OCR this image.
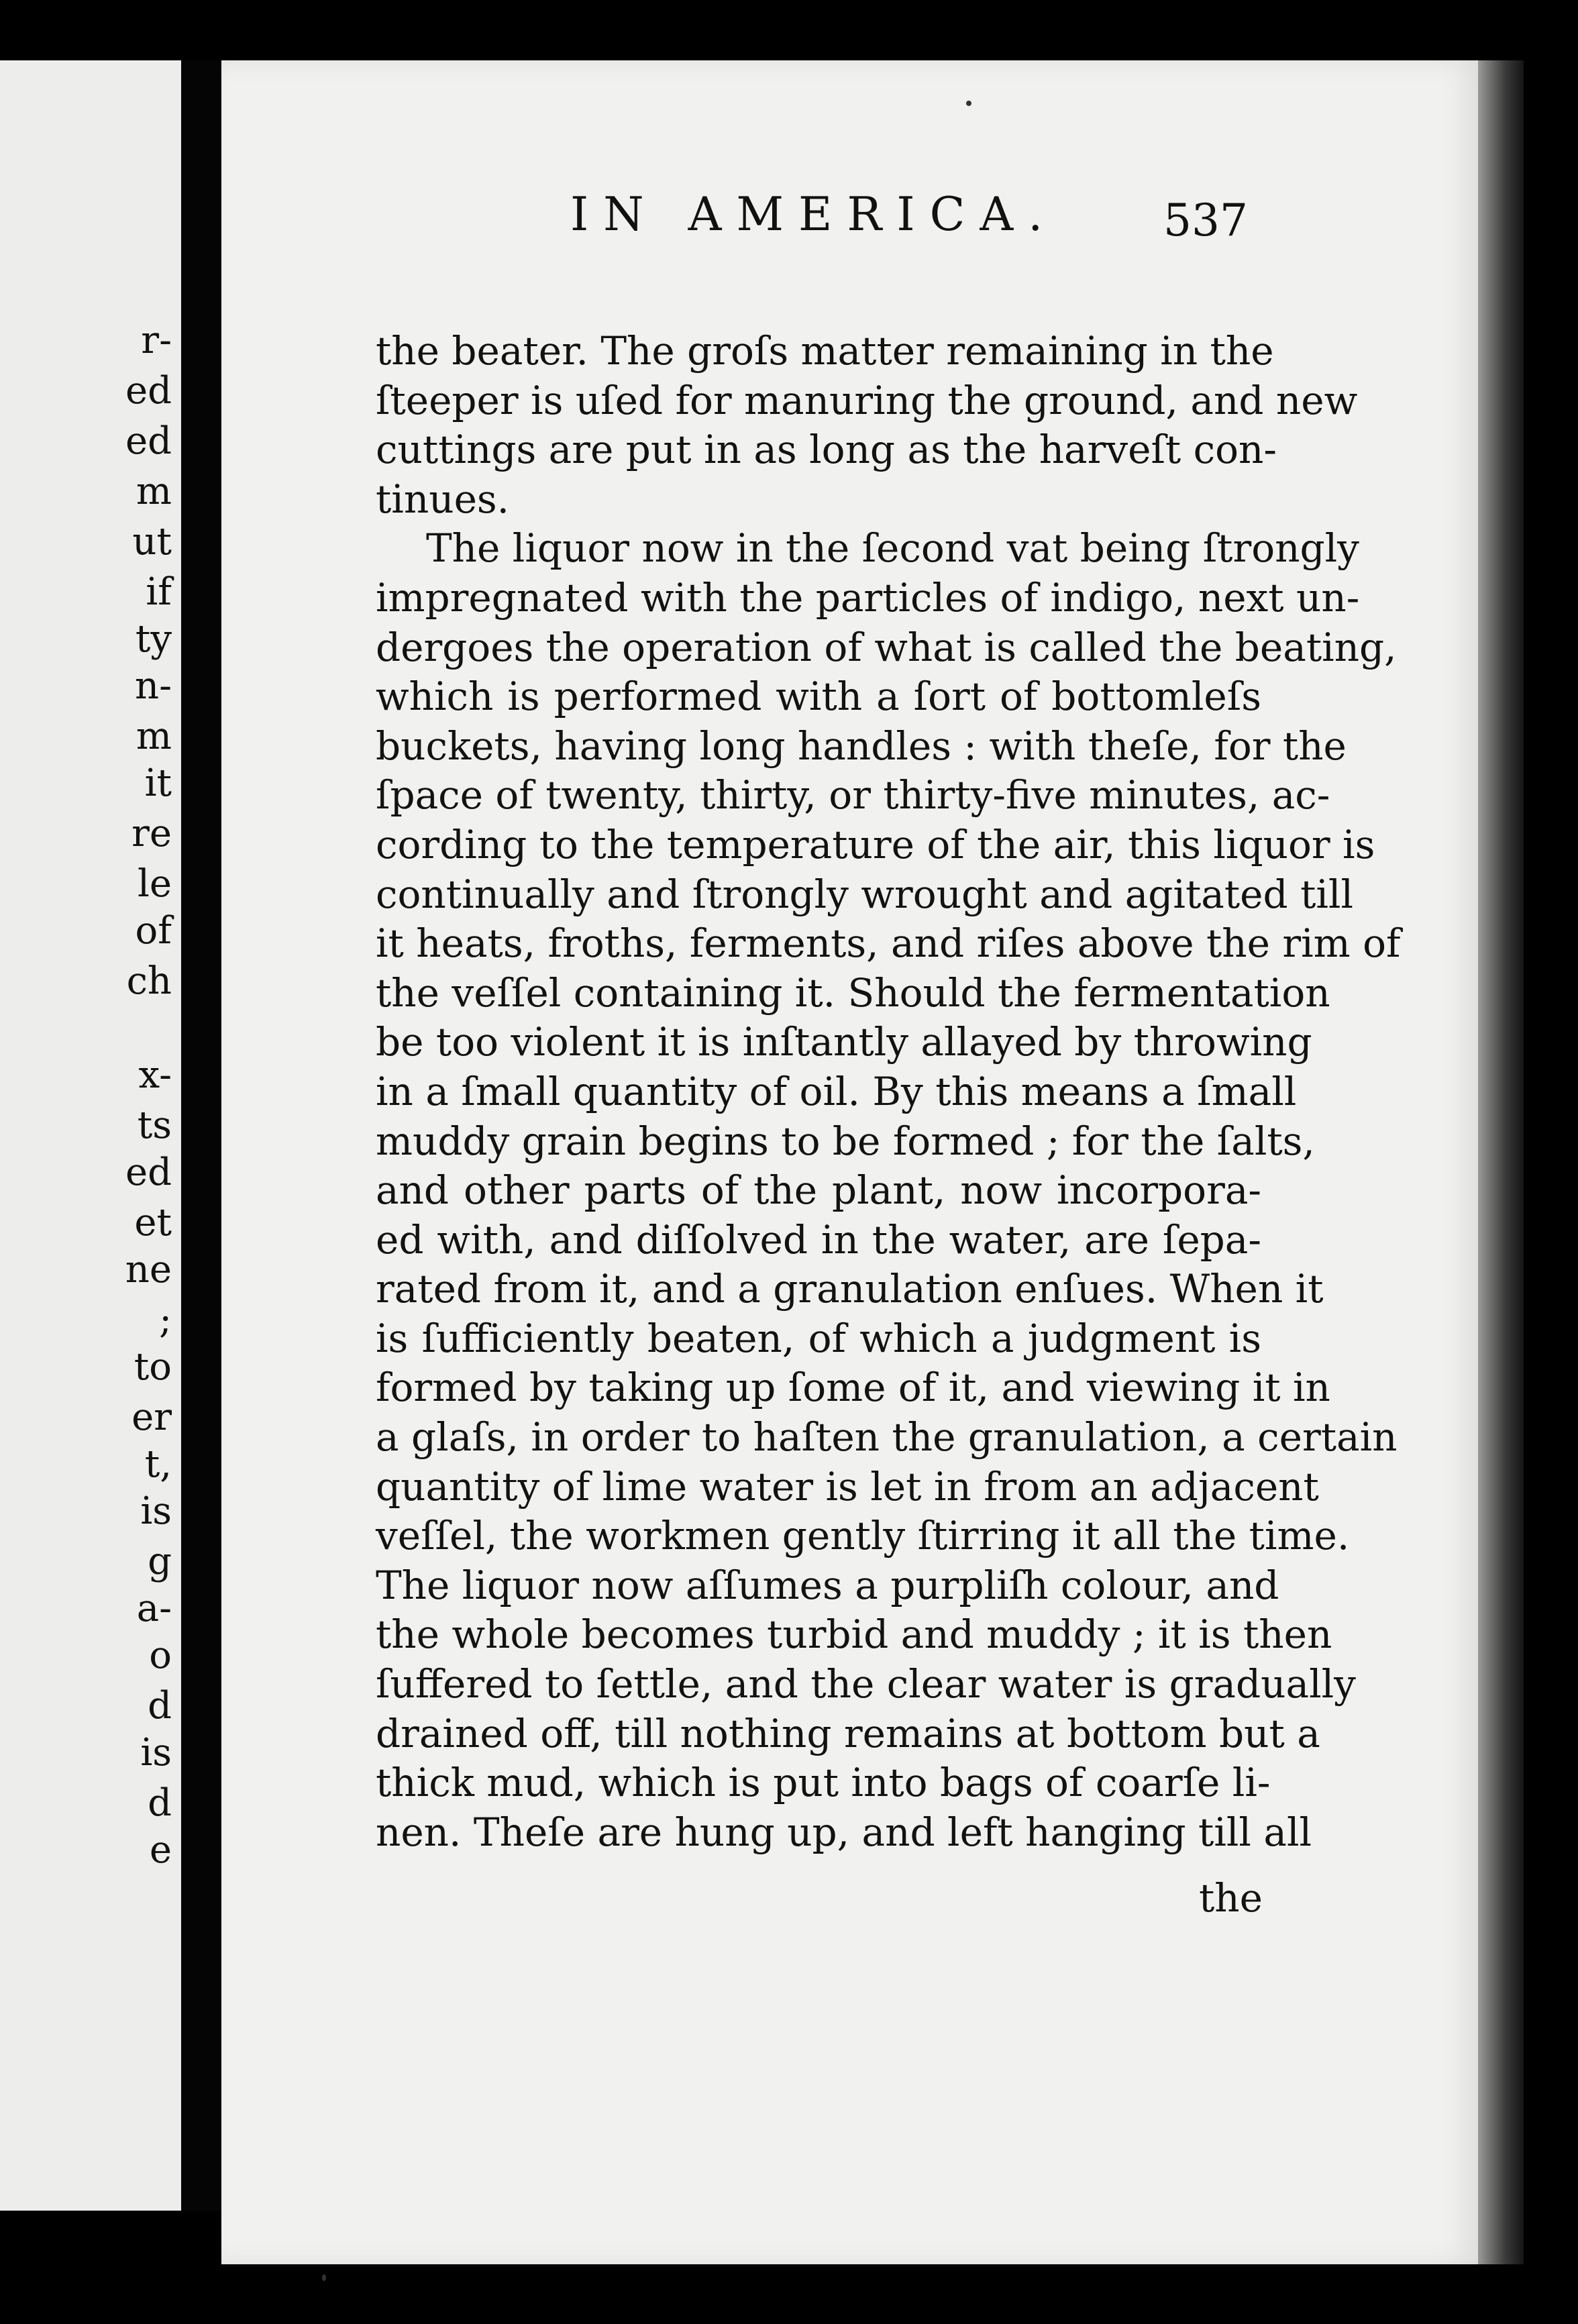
r-
ed
ed
m
ut
if
ty
n-
m
it
re
le
of
ch
x-
ts
ed
et
ne
;
to
er
t,
is
g
a-
o
d
is
d
e
IN AMERICA. 537
the beater. The groſs matter remaining in the
ſteeper is uſed for manuring the ground, and new
cuttings are put in as long as the harveſt con-
tinues.
The liquor now in the ſecond vat being ſtrongly
impregnated with the particles of indigo, next un-
dergoes the operation of what is called the beating,
which is performed with a ſort of bottomleſs
buckets, having long handles : with theſe, for the
ſpace of twenty, thirty, or thirty-five minutes, ac-
cording to the temperature of the air, this liquor is
continually and ſtrongly wrought and agitated till
it heats, froths, ferments, and riſes above the rim of
the veſſel containing it. Should the fermentation
be too violent it is inſtantly allayed by throwing
in a ſmall quantity of oil. By this means a ſmall
muddy grain begins to be formed ; for the ſalts,
and other parts of the plant, now incorpora-
ed with, and diſſolved in the water, are ſepa-
rated from it, and a granulation enſues. When it
is ſufficiently beaten, of which a judgment is
formed by taking up ſome of it, and viewing it in
a glaſs, in order to haſten the granulation, a certain
quantity of lime water is let in from an adjacent
veſſel, the workmen gently ſtirring it all the time.
The liquor now aſſumes a purpliſh colour, and
the whole becomes turbid and muddy ; it is then
ſuffered to ſettle, and the clear water is gradually
drained off, till nothing remains at bottom but a
thick mud, which is put into bags of coarſe li-
nen. Theſe are hung up, and left hanging till all
the
